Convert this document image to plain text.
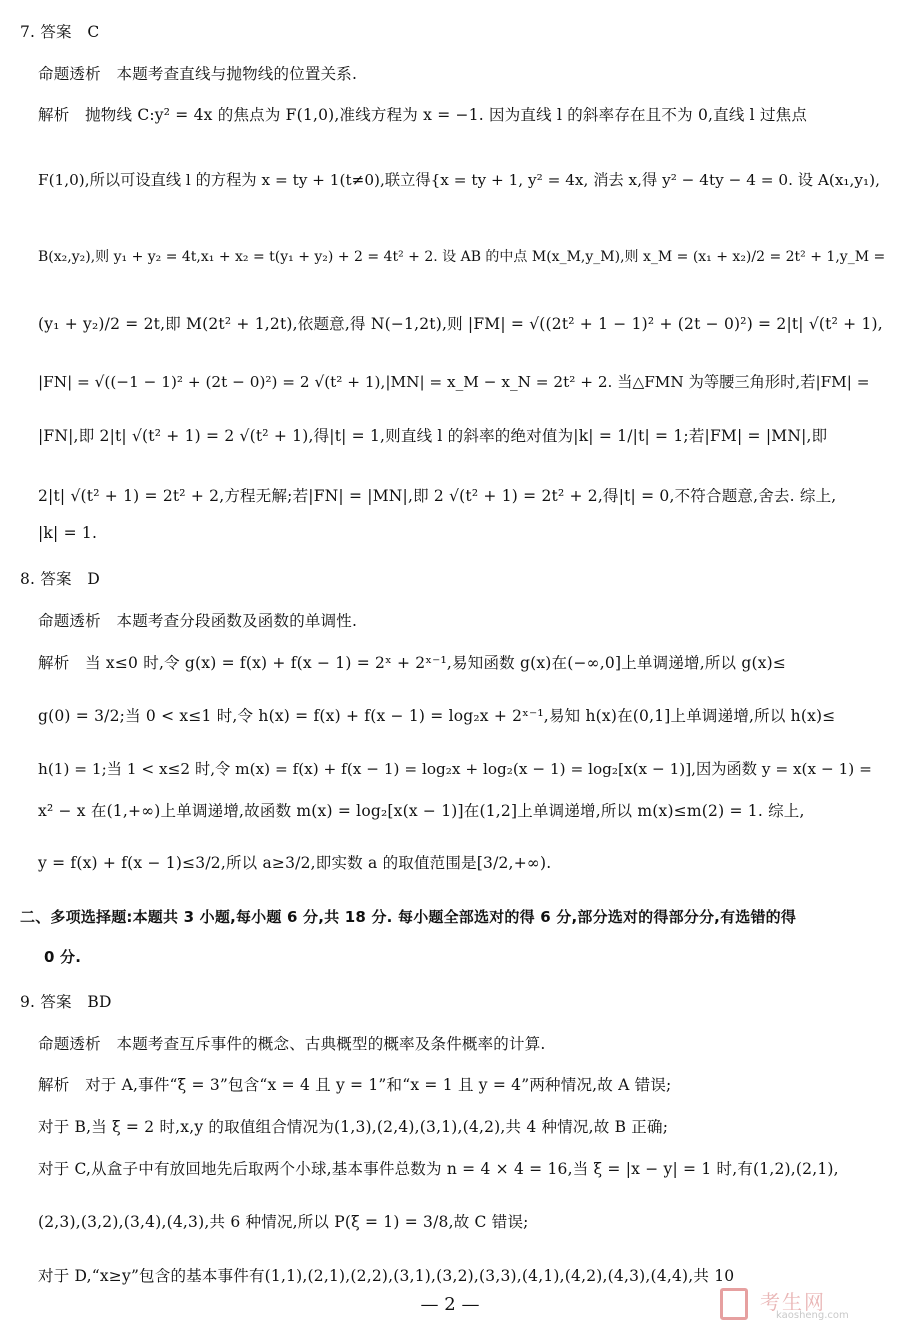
7. 答案　C
命题透析　本题考查直线与抛物线的位置关系.
解析　抛物线 C:y² = 4x 的焦点为 F(1,0),准线方程为 x = −1. 因为直线 l 的斜率存在且不为 0,直线 l 过焦点
F(1,0),所以可设直线 l 的方程为 x = ty + 1(t≠0),联立得{x = ty + 1, y² = 4x, 消去 x,得 y² − 4ty − 4 = 0. 设 A(x₁,y₁),
B(x₂,y₂),则 y₁ + y₂ = 4t,x₁ + x₂ = t(y₁ + y₂) + 2 = 4t² + 2. 设 AB 的中点 M(x_M,y_M),则 x_M = (x₁ + x₂)/2 = 2t² + 1,y_M =
(y₁ + y₂)/2 = 2t,即 M(2t² + 1,2t),依题意,得 N(−1,2t),则 |FM| = √((2t² + 1 − 1)² + (2t − 0)²) = 2|t| √(t² + 1),
|FN| = √((−1 − 1)² + (2t − 0)²) = 2 √(t² + 1),|MN| = x_M − x_N = 2t² + 2. 当△FMN 为等腰三角形时,若|FM| =
|FN|,即 2|t| √(t² + 1) = 2 √(t² + 1),得|t| = 1,则直线 l 的斜率的绝对值为|k| = 1/|t| = 1;若|FM| = |MN|,即
2|t| √(t² + 1) = 2t² + 2,方程无解;若|FN| = |MN|,即 2 √(t² + 1) = 2t² + 2,得|t| = 0,不符合题意,舍去. 综上,
|k| = 1.
8. 答案　D
命题透析　本题考查分段函数及函数的单调性.
解析　当 x≤0 时,令 g(x) = f(x) + f(x − 1) = 2ˣ + 2ˣ⁻¹,易知函数 g(x)在(−∞,0]上单调递增,所以 g(x)≤
g(0) = 3/2;当 0 < x≤1 时,令 h(x) = f(x) + f(x − 1) = log₂x + 2ˣ⁻¹,易知 h(x)在(0,1]上单调递增,所以 h(x)≤
h(1) = 1;当 1 < x≤2 时,令 m(x) = f(x) + f(x − 1) = log₂x + log₂(x − 1) = log₂[x(x − 1)],因为函数 y = x(x − 1) =
x² − x 在(1,+∞)上单调递增,故函数 m(x) = log₂[x(x − 1)]在(1,2]上单调递增,所以 m(x)≤m(2) = 1. 综上,
y = f(x) + f(x − 1)≤3/2,所以 a≥3/2,即实数 a 的取值范围是[3/2,+∞).
二、多项选择题:本题共 3 小题,每小题 6 分,共 18 分. 每小题全部选对的得 6 分,部分选对的得部分分,有选错的得
0 分.
9. 答案　BD
命题透析　本题考查互斥事件的概念、古典概型的概率及条件概率的计算.
解析　对于 A,事件“ξ = 3”包含“x = 4 且 y = 1”和“x = 1 且 y = 4”两种情况,故 A 错误;
对于 B,当 ξ = 2 时,x,y 的取值组合情况为(1,3),(2,4),(3,1),(4,2),共 4 种情况,故 B 正确;
对于 C,从盒子中有放回地先后取两个小球,基本事件总数为 n = 4 × 4 = 16,当 ξ = |x − y| = 1 时,有(1,2),(2,1),
(2,3),(3,2),(3,4),(4,3),共 6 种情况,所以 P(ξ = 1) = 3/8,故 C 错误;
对于 D,“x≥y”包含的基本事件有(1,1),(2,1),(2,2),(3,1),(3,2),(3,3),(4,1),(4,2),(4,3),(4,4),共 10
— 2 —	考生网
kaosheng.com
